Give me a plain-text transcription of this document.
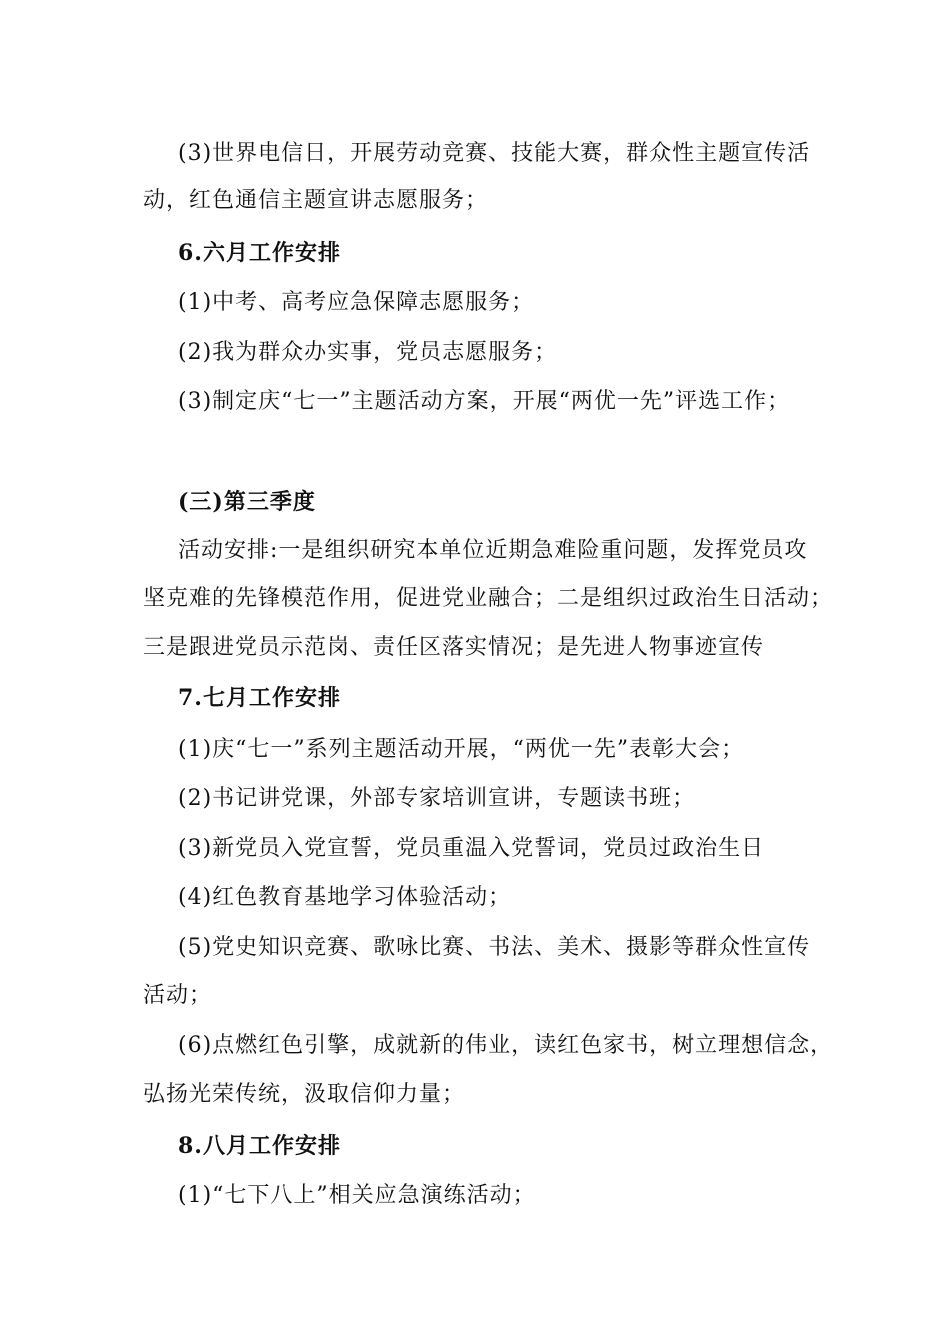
(3)世界电信日，开展劳动竞赛、技能大赛，群众性主题宣传活
动，红色通信主题宣讲志愿服务；
6.六月工作安排
(1)中考、高考应急保障志愿服务；
(2)我为群众办实事，党员志愿服务；
(3)制定庆“七一”主题活动方案，开展“两优一先”评选工作；
(三)第三季度
活动安排:一是组织研究本单位近期急难险重问题，发挥党员攻
坚克难的先锋模范作用，促进党业融合；二是组织过政治生日活动；
三是跟进党员示范岗、责任区落实情况；是先进人物事迹宣传
7.七月工作安排
(1)庆“七一”系列主题活动开展，“两优一先”表彰大会；
(2)书记讲党课，外部专家培训宣讲，专题读书班；
(3)新党员入党宣誓，党员重温入党誓词，党员过政治生日
(4)红色教育基地学习体验活动；
(5)党史知识竞赛、歌咏比赛、书法、美术、摄影等群众性宣传
活动；
(6)点燃红色引擎，成就新的伟业，读红色家书，树立理想信念，
弘扬光荣传统，汲取信仰力量；
8.八月工作安排
(1)“七下八上”相关应急演练活动；
